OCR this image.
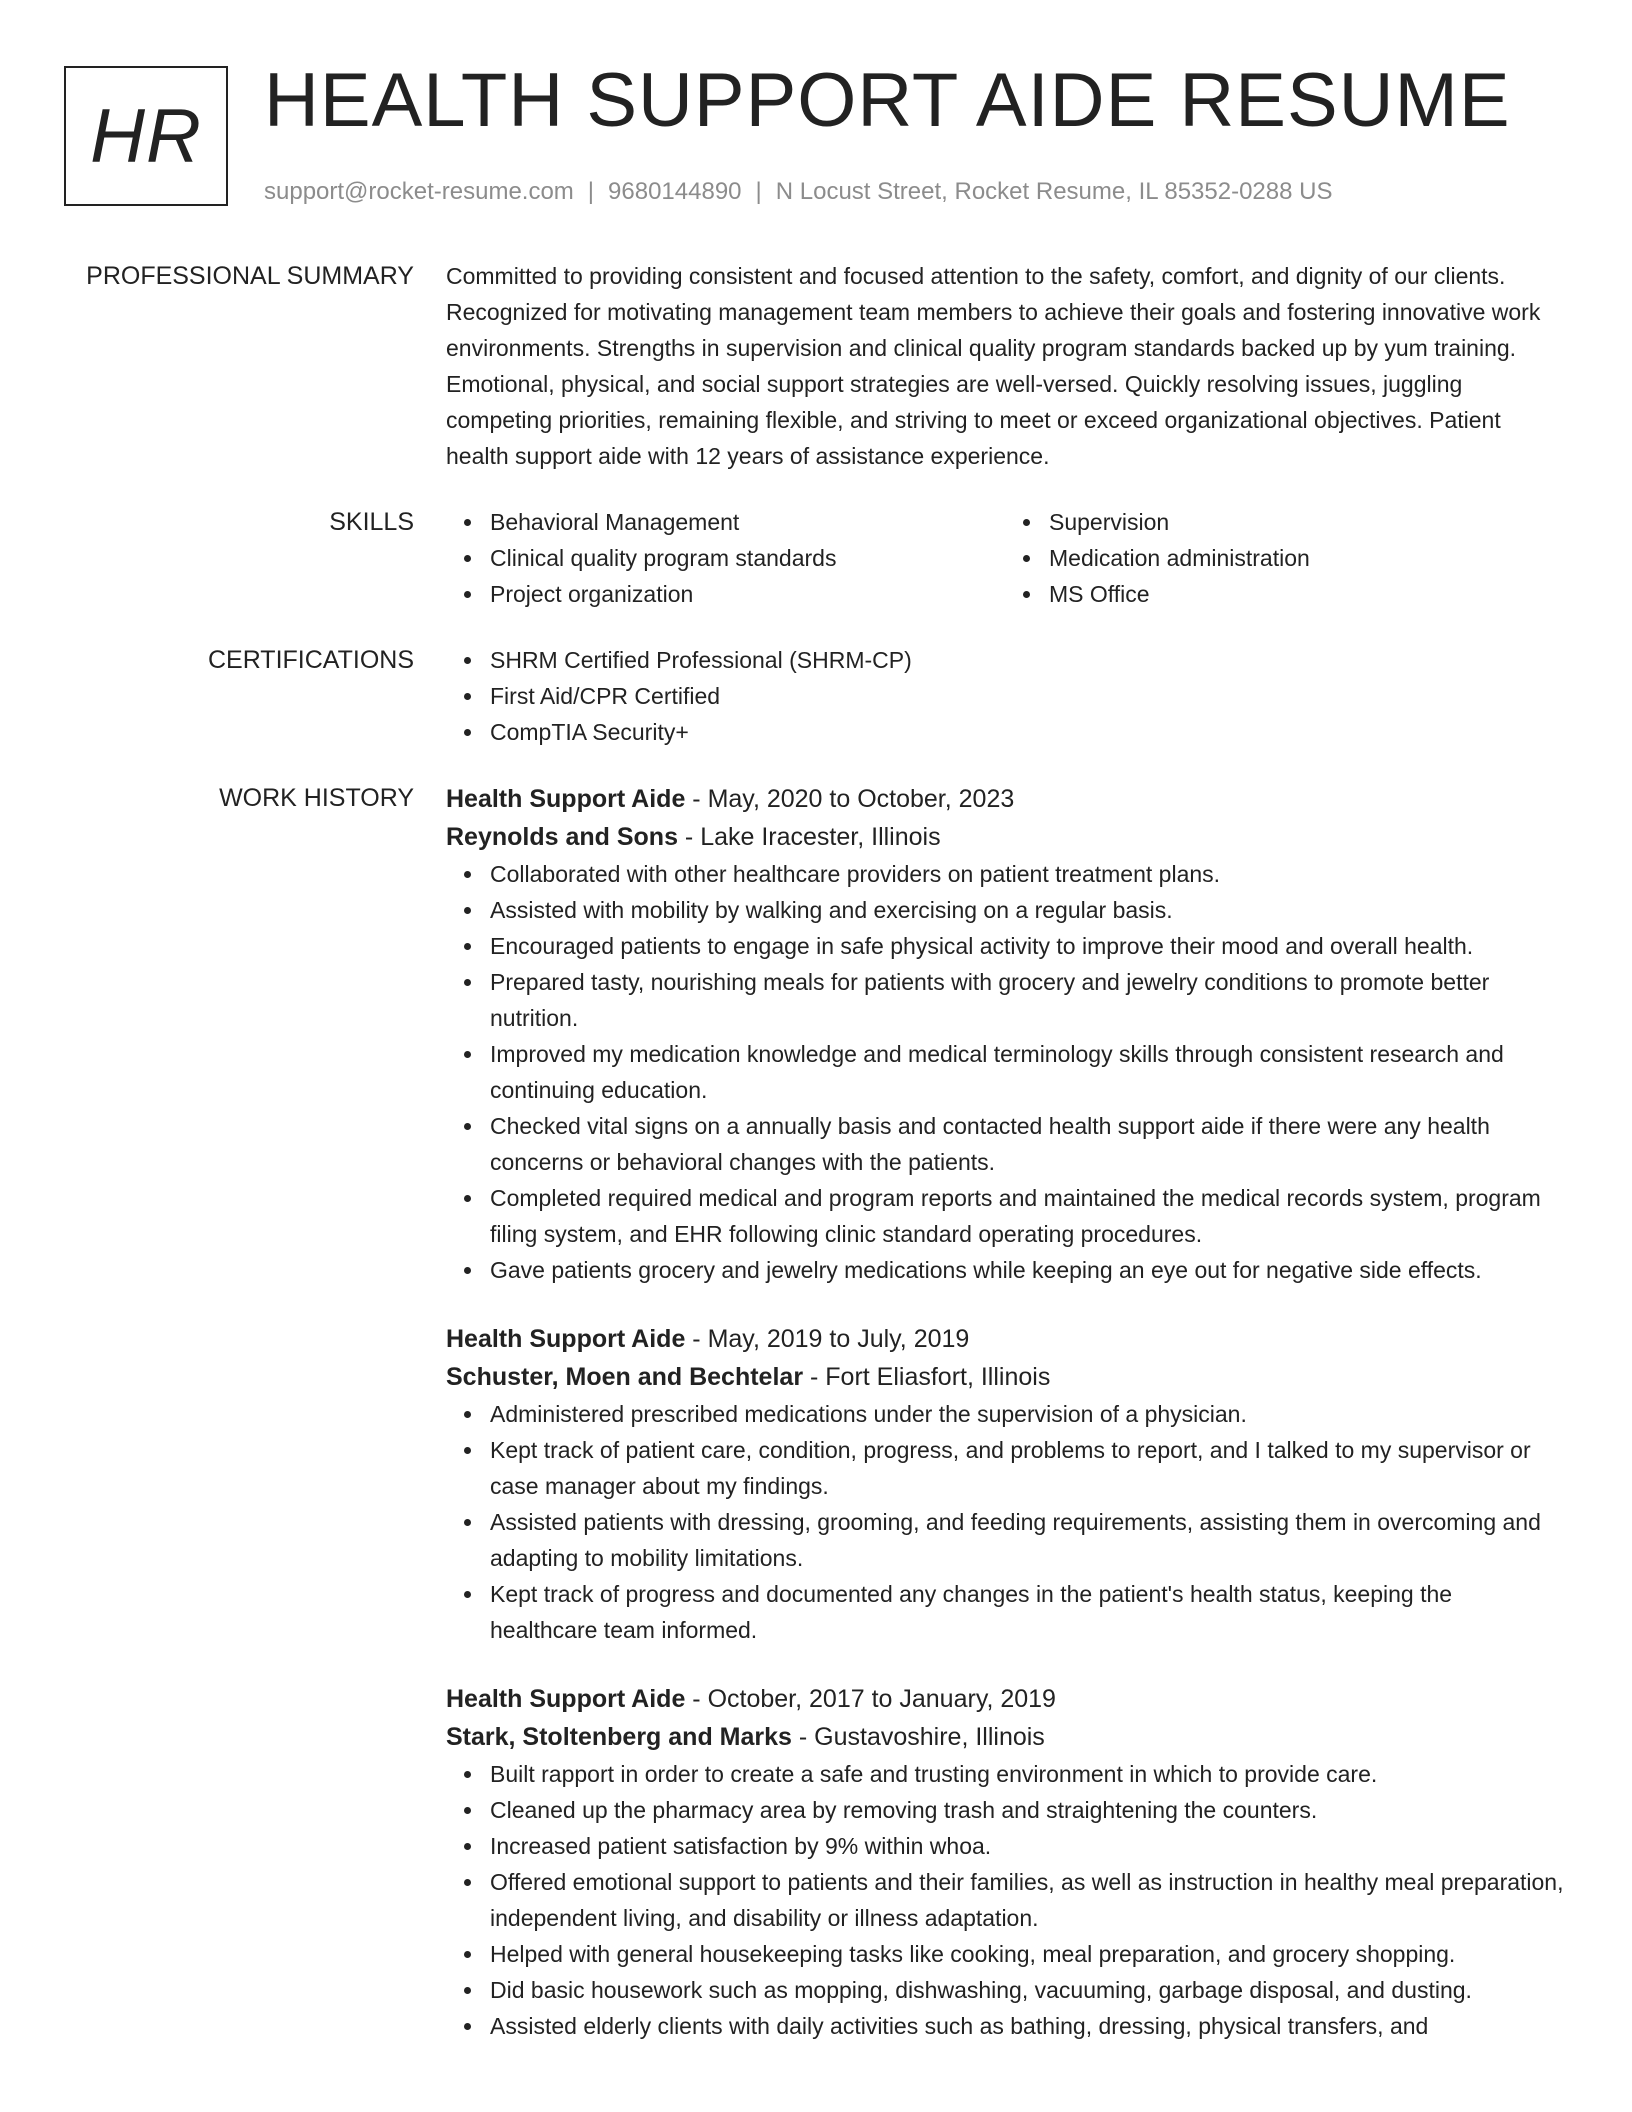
HR HEALTH SUPPORT AIDE RESUME
support@rocket-resume.com | 9680144890 | N Locust Street, Rocket Resume, IL 85352-0288 US
PROFESSIONAL SUMMARY Committed to providing consistent and focused attention to the safety, comfort, and dignity of our clients. Recognized for motivating management team members to achieve their goals and fostering innovative work environments. Strengths in supervision and clinical quality program standards backed up by yum training. Emotional, physical, and social support strategies are well-versed. Quickly resolving issues, juggling competing priorities, remaining flexible, and striving to meet or exceed organizational objectives. Patient health support aide with 12 years of assistance experience.

SKILLS	Behavioral Management
Clinical quality program standards
Project organization
Supervision
Medication administration
MS Office
CERTIFICATIONS	SHRM Certified Professional (SHRM-CP)
First Aid/CPR Certified
CompTIA Security+
WORK HISTORY Health Support Aide - May, 2020 to October, 2023
Reynolds and Sons - Lake Iracester, Illinois
Collaborated with other healthcare providers on patient treatment plans.
Assisted with mobility by walking and exercising on a regular basis.
Encouraged patients to engage in safe physical activity to improve their mood and overall health.
Prepared tasty, nourishing meals for patients with grocery and jewelry conditions to promote better nutrition.
Improved my medication knowledge and medical terminology skills through consistent research and continuing education.
Checked vital signs on a annually basis and contacted health support aide if there were any health concerns or behavioral changes with the patients.
Completed required medical and program reports and maintained the medical records system, program filing system, and EHR following clinic standard operating procedures.
Gave patients grocery and jewelry medications while keeping an eye out for negative side effects.
Health Support Aide - May, 2019 to July, 2019
Schuster, Moen and Bechtelar - Fort Eliasfort, Illinois
Administered prescribed medications under the supervision of a physician.
Kept track of patient care, condition, progress, and problems to report, and I talked to my supervisor or case manager about my findings.
Assisted patients with dressing, grooming, and feeding requirements, assisting them in overcoming and adapting to mobility limitations.
Kept track of progress and documented any changes in the patient's health status, keeping the healthcare team informed.
Health Support Aide - October, 2017 to January, 2019
Stark, Stoltenberg and Marks - Gustavoshire, Illinois
Built rapport in order to create a safe and trusting environment in which to provide care.
Cleaned up the pharmacy area by removing trash and straightening the counters.
Increased patient satisfaction by 9% within whoa.
Offered emotional support to patients and their families, as well as instruction in healthy meal preparation, independent living, and disability or illness adaptation.
Helped with general housekeeping tasks like cooking, meal preparation, and grocery shopping.
Did basic housework such as mopping, dishwashing, vacuuming, garbage disposal, and dusting.
Assisted elderly clients with daily activities such as bathing, dressing, physical transfers, and
